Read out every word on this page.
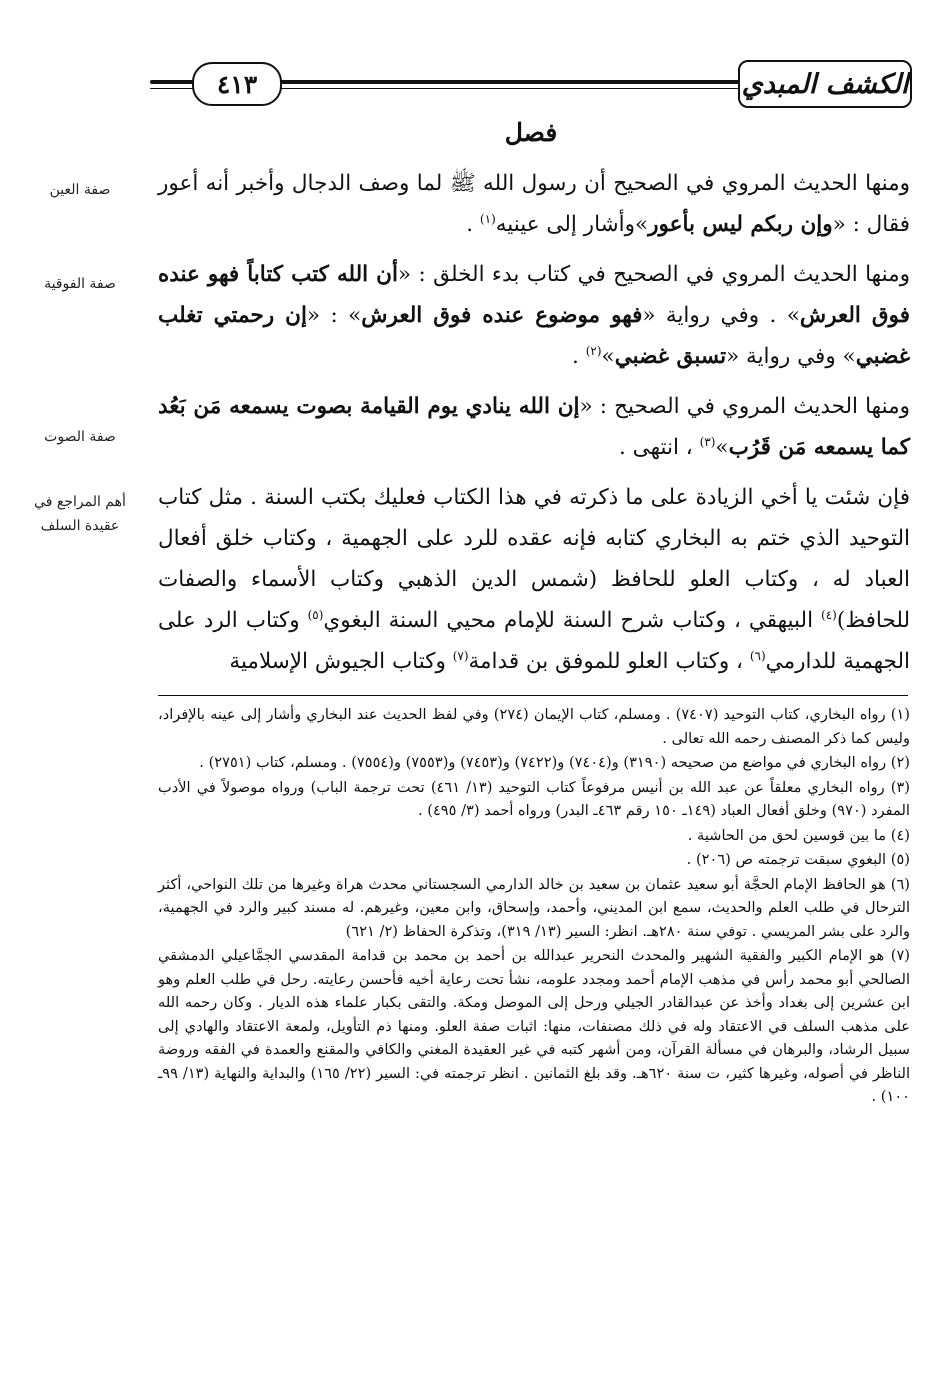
الكشف المبدي
٤١٣
فصل
صفة العين
صفة الفوقية
صفة الصوت
أهم المراجع في عقيدة السلف

ومنها الحديث المروي في الصحيح أن رسول الله ﷺ لما وصف الدجال وأخبر أنه أعور فقال : «وإن ربكم ليس بأعور»وأشار إلى عينيه$^{(١)}$ .

ومنها الحديث المروي في الصحيح في كتاب بدء الخلق : «أن الله كتب كتاباً فهو عنده فوق العرش» . وفي رواية «فهو موضوع عنده فوق العرش» : «إن رحمتي تغلب غضبي» وفي رواية «تسبق غضبي»$^{(٢)}$ .

ومنها الحديث المروي في الصحيح : «إن الله ينادي يوم القيامة بصوت يسمعه مَن بَعُد كما يسمعه مَن قَرُب»$^{(٣)}$ ، انتهى .

فإن شئت يا أخي الزيادة على ما ذكرته في هذا الكتاب فعليك بكتب السنة . مثل كتاب التوحيد الذي ختم به البخاري كتابه فإنه عقده للرد على الجهمية ، وكتاب خلق أفعال العباد له ، وكتاب العلو للحافظ (شمس الدين الذهبي وكتاب الأسماء والصفات للحافظ)$^{(٤)}$ البيهقي ، وكتاب شرح السنة للإمام محيي السنة البغوي$^{(٥)}$ وكتاب الرد على الجهمية للدارمي$^{(٦)}$ ، وكتاب العلو للموفق بن قدامة$^{(٧)}$ وكتاب الجيوش الإسلامية

(١) رواه البخاري، كتاب التوحيد (٧٤٠٧) . ومسلم، كتاب الإيمان (٢٧٤) وفي لفظ الحديث عند البخاري وأشار إلى عينه بالإفراد، وليس كما ذكر المصنف رحمه الله تعالى .

(٢) رواه البخاري في مواضع من صحيحه (٣١٩٠) و(٧٤٠٤) و(٧٤٢٢) و(٧٤٥٣) و(٧٥٥٣) و(٧٥٥٤) . ومسلم، كتاب (٢٧٥١) .

(٣) رواه البخاري معلقاً عن عبد الله بن أنيس مرفوعاً كتاب التوحيد (١٣/ ٤٦١) تحت ترجمة الباب) ورواه موصولاً في الأدب المفرد (٩٧٠) وخلق أفعال العباد (١٤٩ـ ١٥٠ رقم ٤٦٣ـ البدر) ورواه أحمد (٣/ ٤٩٥) .

(٤) ما بين قوسين لحق من الحاشية .

(٥) البغوي سبقت ترجمته ص (٢٠٦) .

(٦) هو الحافظ الإمام الحجَّة أبو سعيد عثمان بن سعيد بن خالد الدارمي السجستاني محدث هراة وغيرها من تلك النواحي، أكثر الترحال في طلب العلم والحديث، سمع ابن المديني، وأحمد، وإسحاق، وابن معين، وغيرهم. له مسند كبير والرد في الجهمية، والرد على بشر المريسي . توفي سنة ٢٨٠هـ. انظر: السير (١٣/ ٣١٩)، وتذكرة الحفاظ (٢/ ٦٢١)

(٧) هو الإمام الكبير والفقية الشهير والمحدث النحرير عبدالله بن أحمد بن محمد بن قدامة المقدسي الجمَّاعيلي الدمشقي الصالحي أبو محمد رأس في مذهب الإمام أحمد ومجدد علومه، نشأ تحت رعاية أخيه فأحسن رعايته. رحل في طلب العلم وهو ابن عشرين إلى بغداد وأخذ عن عبدالقادر الجيلي ورحل إلى الموصل ومكة. والتقى بكبار علماء هذه الديار . وكان رحمه الله على مذهب السلف في الاعتقاد وله في ذلك مصنفات، منها: اثبات صفة العلو. ومنها ذم التأويل، ولمعة الاعتقاد والهادي إلى سبيل الرشاد، والبرهان في مسألة القرآن، ومن أشهر كتبه في غير العقيدة المغني والكافي والمقنع والعمدة في الفقه وروضة الناظر في أصوله، وغيرها كثير، ت سنة ٦٢٠هـ. وقد بلغ الثمانين . انظر ترجمته في: السير (٢٢/ ١٦٥) والبداية والنهاية (١٣/ ٩٩ـ ١٠٠) .
